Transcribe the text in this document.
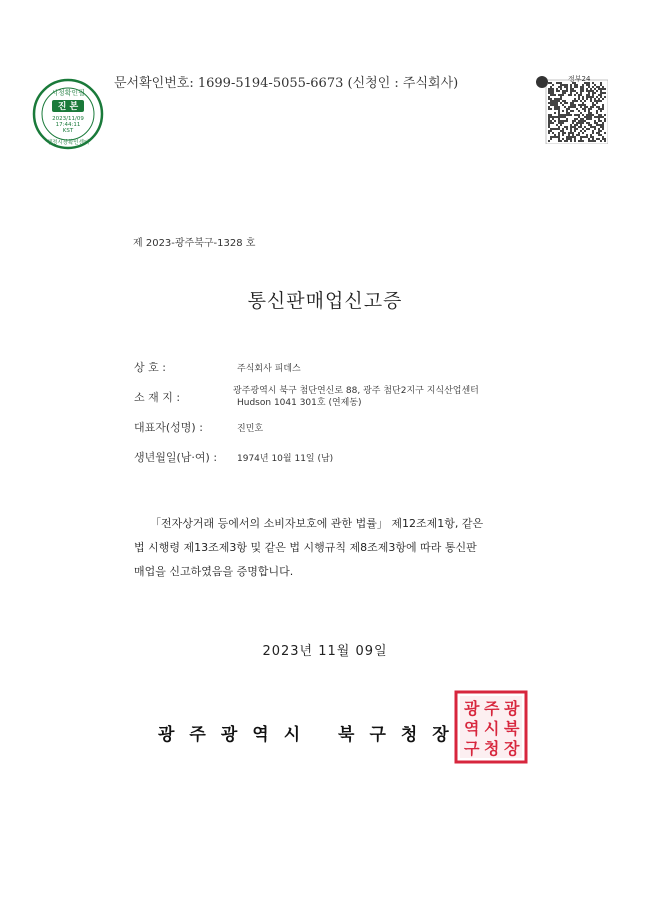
시청확인필
진 본
2023/11/09
17:44:11
KST
행정시장확인센터
문서확인번호: 1699-5194-5055-6673 (신청인 : 주식회사)	정부24
제 2023-광주북구-1328 호
통신판매업신고증
상 호 :	주식회사 피데스
소 재 지 :	광주광역시 북구 첨단연신로 88, 광주 첨단2지구 지식산업센터
Hudson 1041 301호 (연제동)
대표자(성명) :	진민호
생년월일(남·여) : 1974년 10월 11일 (남)
「전자상거래 등에서의 소비자보호에 관한 법률」 제12조제1항, 같은
법 시행령 제13조제3항 및 같은 법 시행규칙 제8조제3항에 따라 통신판
매업을 신고하였음을 증명합니다.
2023년 11월 09일
광주광역시 북구청장
광 주 광
역 시 북
구 청 장
